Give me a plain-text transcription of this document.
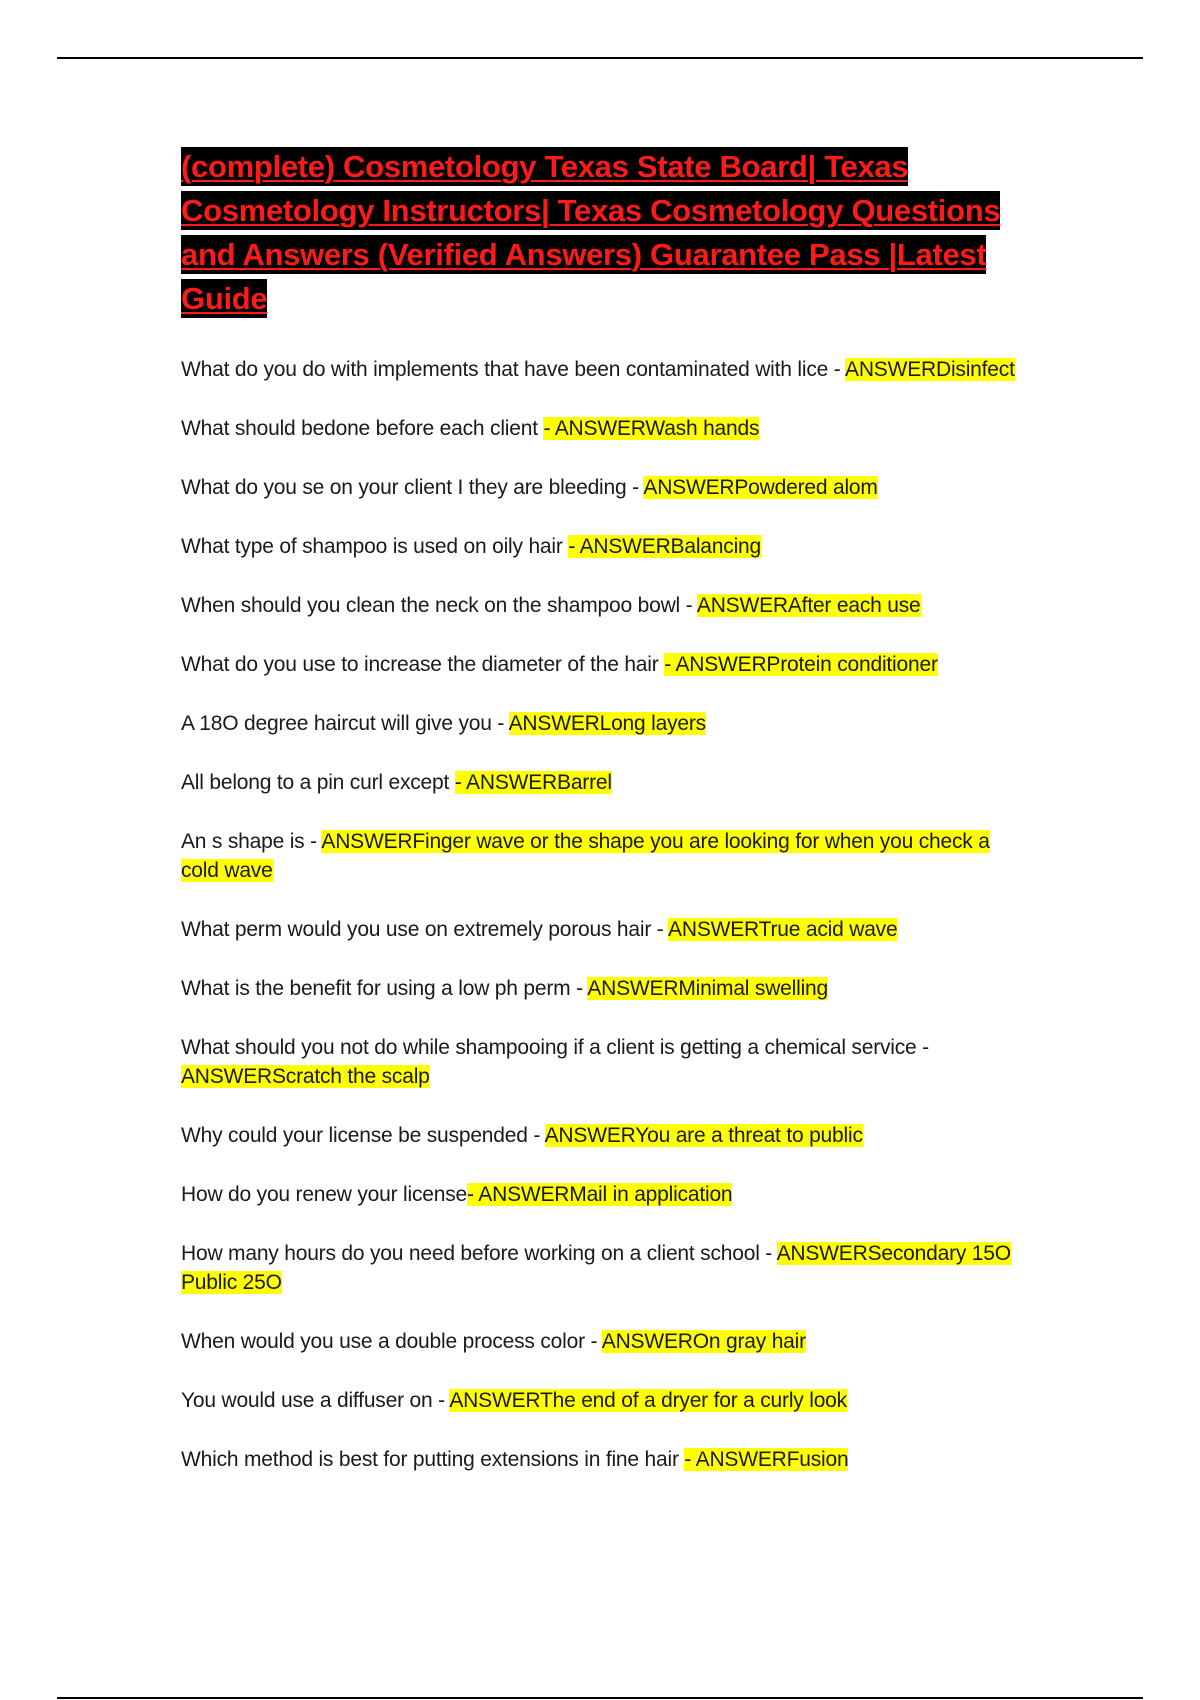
(complete) Cosmetology Texas State Board| Texas Cosmetology Instructors| Texas Cosmetology Questions and Answers (Verified Answers) Guarantee Pass |Latest Guide

What do you do with implements that have been contaminated with lice - ANSWERDisinfect

What should bedone before each client - ANSWERWash hands

What do you se on your client I they are bleeding - ANSWERPowdered alom

What type of shampoo is used on oily hair - ANSWERBalancing

When should you clean the neck on the shampoo bowl - ANSWERAfter each use

What do you use to increase the diameter of the hair - ANSWERProtein conditioner

A 18O degree haircut will give you - ANSWERLong layers

All belong to a pin curl except - ANSWERBarrel

An s shape is - ANSWERFinger wave or the shape you are looking for when you check a cold wave

What perm would you use on extremely porous hair - ANSWERTrue acid wave

What is the benefit for using a low ph perm - ANSWERMinimal swelling

What should you not do while shampooing if a client is getting a chemical service - ANSWERScratch the scalp

Why could your license be suspended - ANSWERYou are a threat to public

How do you renew your license- ANSWERMail in application

How many hours do you need before working on a client school - ANSWERSecondary 15O
Public 25O

When would you use a double process color - ANSWEROn gray hair

You would use a diffuser on - ANSWERThe end of a dryer for a curly look

Which method is best for putting extensions in fine hair - ANSWERFusion
